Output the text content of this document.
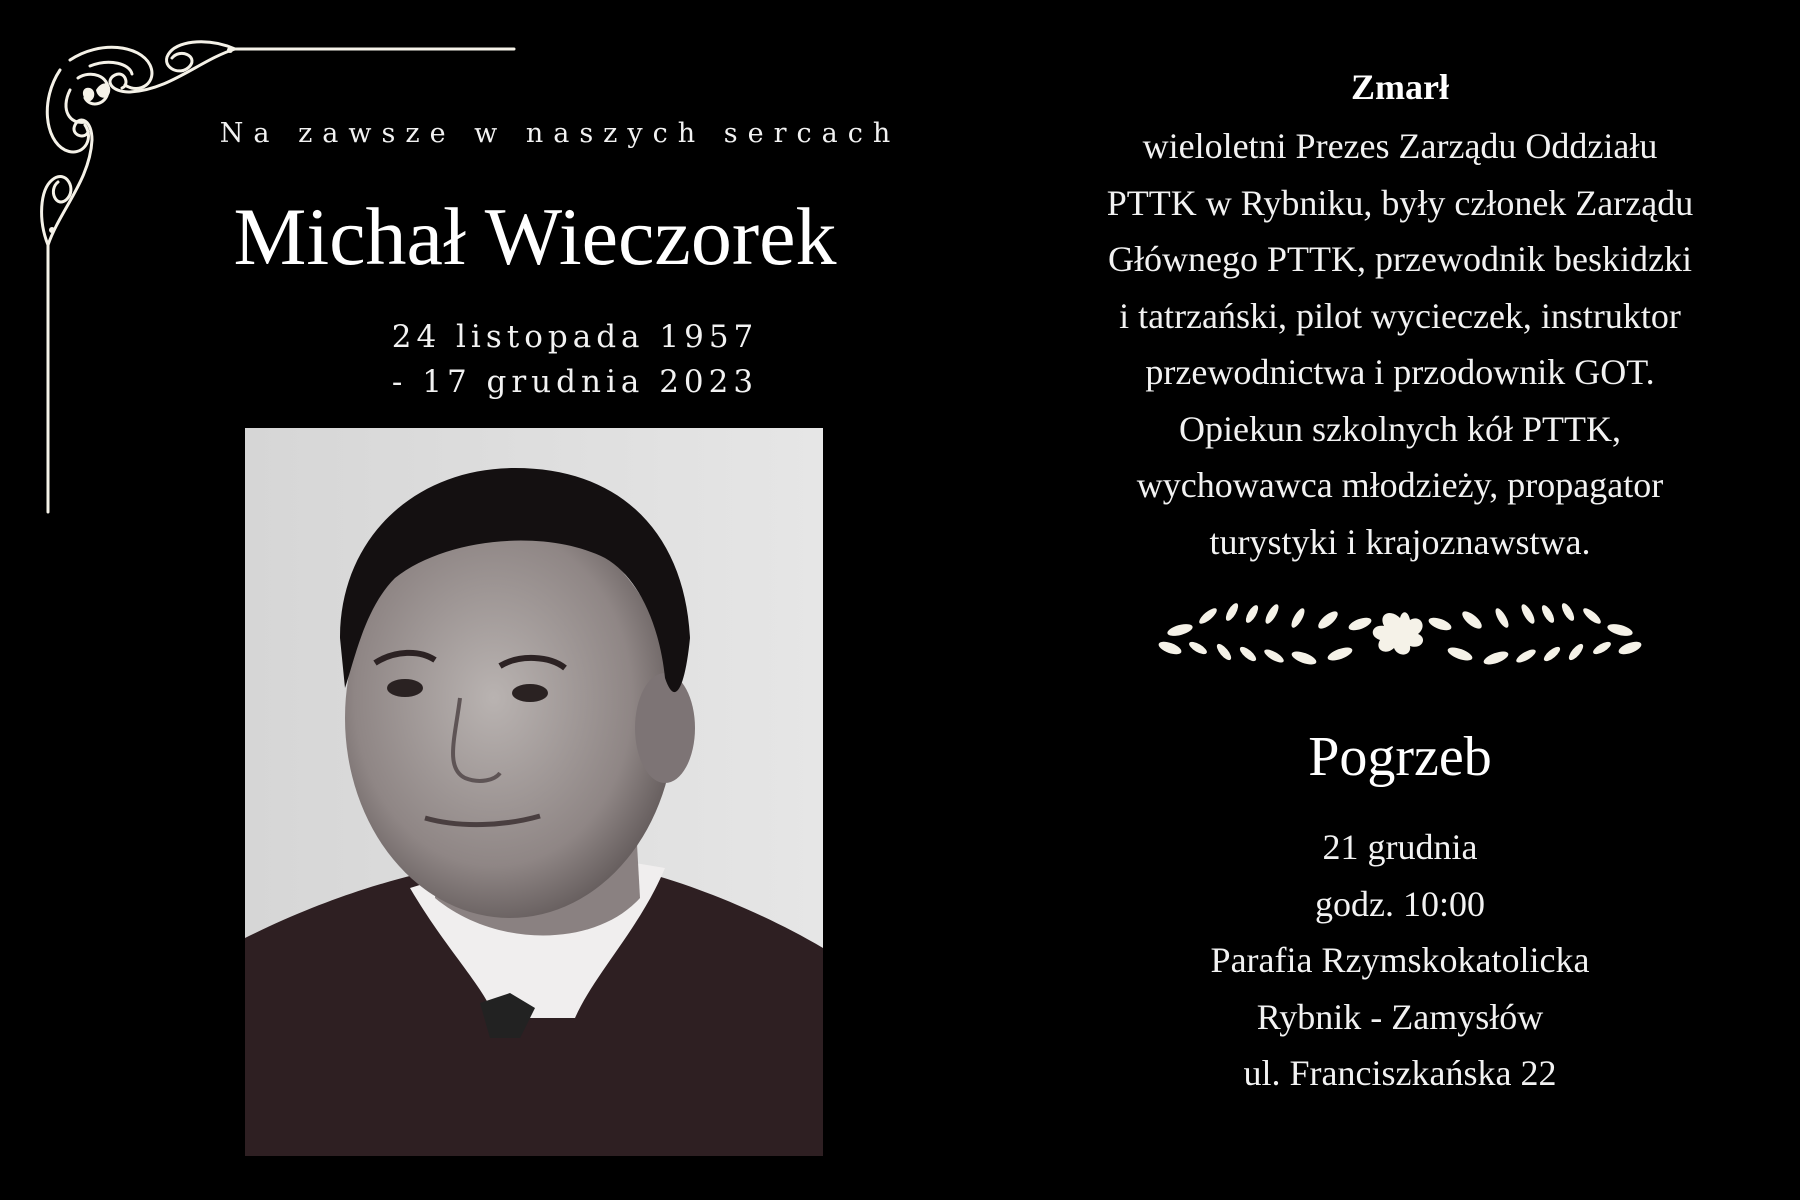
Na zawsze w naszych sercach
Michał Wieczorek
24 listopada 1957
- 17 grudnia 2023
Zmarł
wieloletni Prezes Zarządu Oddziału
PTTK w Rybniku, były członek Zarządu
Głównego PTTK, przewodnik beskidzki
i tatrzański, pilot wycieczek, instruktor
przewodnictwa i przodownik GOT.
Opiekun szkolnych kół PTTK,
wychowawca młodzieży, propagator
turystyki i krajoznawstwa.
Pogrzeb
21 grudnia
godz. 10:00
Parafia Rzymskokatolicka
Rybnik - Zamysłów
ul. Franciszkańska 22
